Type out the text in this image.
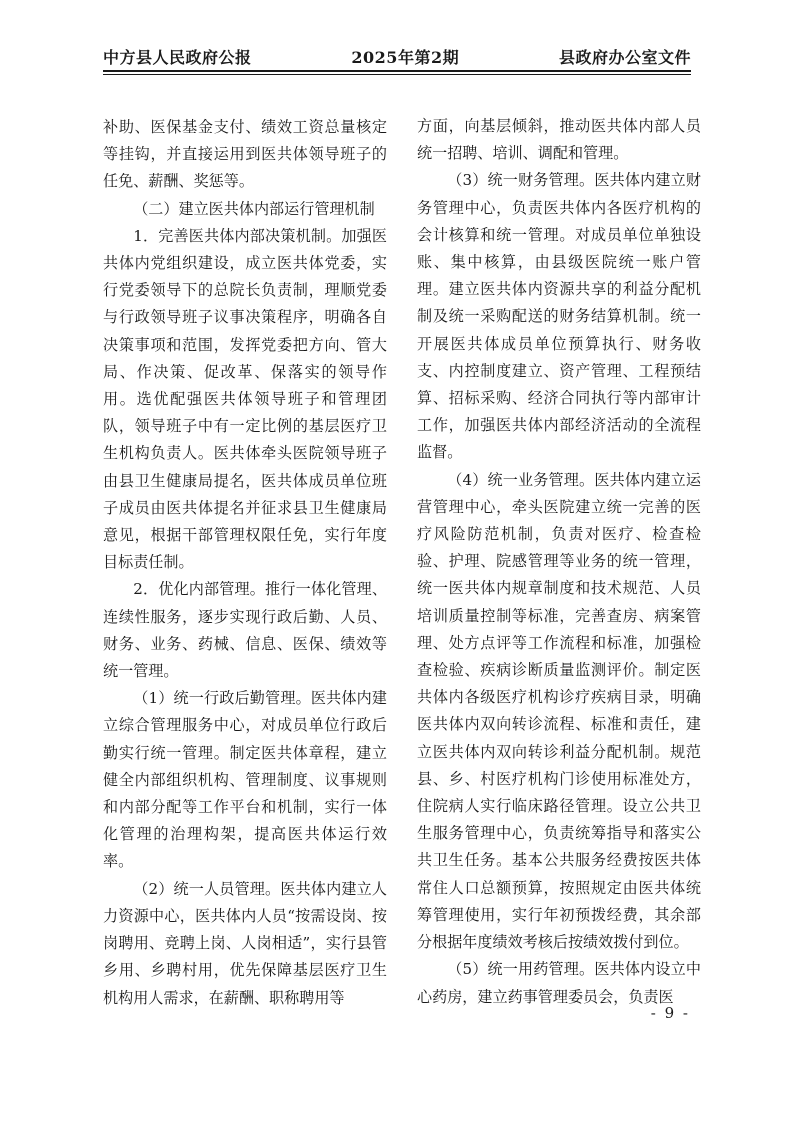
中方县人民政府公报	2025年第2期	县政府办公室文件

补助、医保基金支付、绩效工资总量核定等挂钩，并直接运用到医共体领导班子的任免、薪酬、奖惩等。

（二）建立医共体内部运行管理机制

1．完善医共体内部决策机制。加强医共体内党组织建设，成立医共体党委，实行党委领导下的总院长负责制，理顺党委与行政领导班子议事决策程序，明确各自决策事项和范围，发挥党委把方向、管大局、作决策、促改革、保落实的领导作用。选优配强医共体领导班子和管理团队，领导班子中有一定比例的基层医疗卫生机构负责人。医共体牵头医院领导班子由县卫生健康局提名，医共体成员单位班子成员由医共体提名并征求县卫生健康局意见，根据干部管理权限任免，实行年度目标责任制。

2．优化内部管理。推行一体化管理、连续性服务，逐步实现行政后勤、人员、财务、业务、药械、信息、医保、绩效等统一管理。

（1）统一行政后勤管理。医共体内建立综合管理服务中心，对成员单位行政后勤实行统一管理。制定医共体章程，建立健全内部组织机构、管理制度、议事规则和内部分配等工作平台和机制，实行一体化管理的治理构架，提高医共体运行效率。

（2）统一人员管理。医共体内建立人力资源中心，医共体内人员“按需设岗、按岗聘用、竞聘上岗、人岗相适”，实行县管乡用、乡聘村用，优先保障基层医疗卫生机构用人需求，在薪酬、职称聘用等

方面，向基层倾斜，推动医共体内部人员统一招聘、培训、调配和管理。

（3）统一财务管理。医共体内建立财务管理中心，负责医共体内各医疗机构的会计核算和统一管理。对成员单位单独设账、集中核算，由县级医院统一账户管理。建立医共体内资源共享的利益分配机制及统一采购配送的财务结算机制。统一开展医共体成员单位预算执行、财务收支、内控制度建立、资产管理、工程预结算、招标采购、经济合同执行等内部审计工作，加强医共体内部经济活动的全流程监督。

（4）统一业务管理。医共体内建立运营管理中心，牵头医院建立统一完善的医疗风险防范机制，负责对医疗、检查检验、护理、院感管理等业务的统一管理，统一医共体内规章制度和技术规范、人员培训质量控制等标准，完善查房、病案管理、处方点评等工作流程和标准，加强检查检验、疾病诊断质量监测评价。制定医共体内各级医疗机构诊疗疾病目录，明确医共体内双向转诊流程、标准和责任，建立医共体内双向转诊利益分配机制。规范县、乡、村医疗机构门诊使用标准处方，住院病人实行临床路径管理。设立公共卫生服务管理中心，负责统筹指导和落实公共卫生任务。基本公共服务经费按医共体常住人口总额预算，按照规定由医共体统筹管理使用，实行年初预拨经费，其余部分根据年度绩效考核后按绩效拨付到位。

（5）统一用药管理。医共体内设立中心药房，建立药事管理委员会，负责医

- 9 -
